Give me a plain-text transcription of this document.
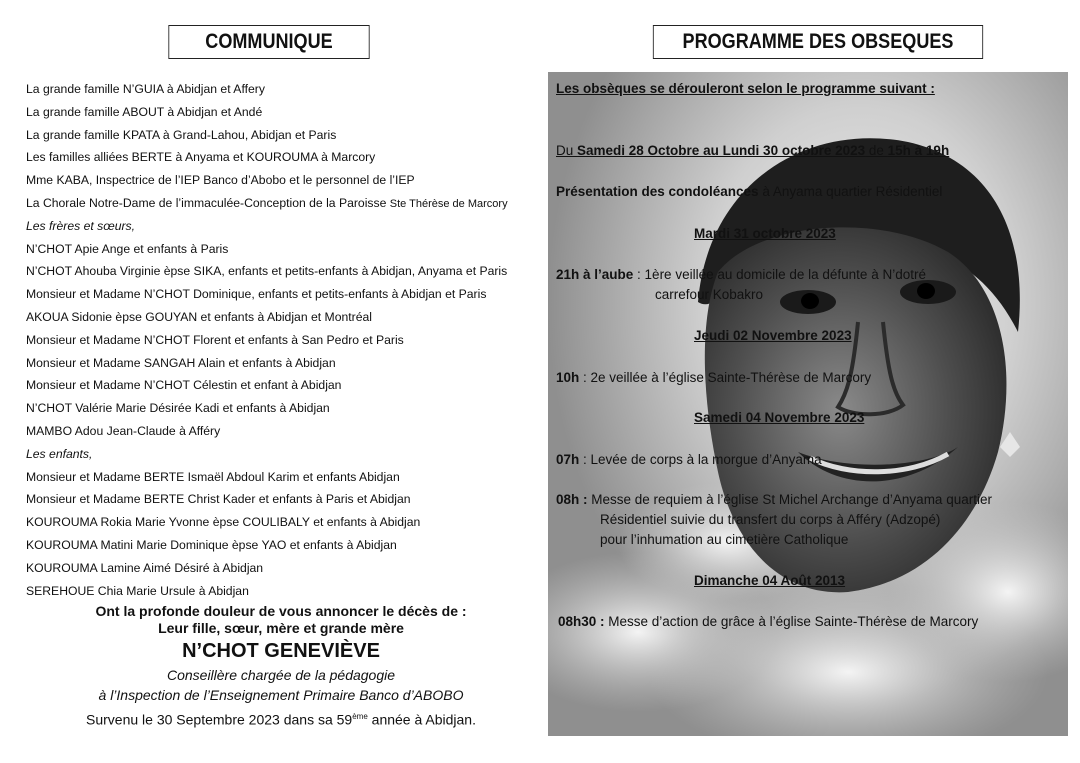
COMMUNIQUE
La grande famille N’GUIA à Abidjan et Affery
La grande famille ABOUT à Abidjan et Andé
La grande famille KPATA à Grand-Lahou, Abidjan et Paris
Les familles alliées BERTE à Anyama et KOUROUMA à Marcory
Mme KABA, Inspectrice de l’IEP Banco d’Abobo et le personnel de l’IEP
La Chorale Notre-Dame de l’immaculée-Conception de la Paroisse Ste Thérèse de Marcory
Les frères et sœurs,
N’CHOT Apie Ange et enfants à Paris
N’CHOT Ahouba Virginie èpse SIKA, enfants et petits-enfants à Abidjan, Anyama et Paris
Monsieur et Madame N’CHOT Dominique, enfants et petits-enfants à Abidjan et Paris
AKOUA Sidonie èpse GOUYAN et enfants à Abidjan et Montréal
Monsieur et Madame N’CHOT Florent et enfants à San Pedro et Paris
Monsieur et Madame SANGAH Alain et enfants à Abidjan
Monsieur et Madame N’CHOT Célestin et enfant à Abidjan
N’CHOT Valérie Marie Désirée Kadi et enfants à Abidjan
MAMBO Adou Jean-Claude à Afféry
Les enfants,
Monsieur et Madame BERTE Ismaël Abdoul Karim et enfants Abidjan
Monsieur et Madame BERTE Christ Kader et enfants à Paris et Abidjan
KOUROUMA Rokia Marie Yvonne èpse COULIBALY et enfants à Abidjan
KOUROUMA Matini Marie Dominique èpse YAO et enfants à Abidjan
KOUROUMA Lamine Aimé Désiré à Abidjan
SEREHOUE Chia Marie Ursule à Abidjan
Ont la profonde douleur de vous annoncer le décès de :
Leur fille, sœur, mère et grande mère
N’CHOT GENEVIÈVE
Conseillère chargée de la pédagogie
à l’Inspection de l’Enseignement Primaire Banco d’ABOBO
Survenu le 30 Septembre 2023 dans sa 59ème année à Abidjan.
PROGRAMME DES OBSEQUES
Les obsèques se dérouleront selon le programme suivant :
Du Samedi 28 Octobre au Lundi 30 octobre 2023 de 15h à 19h
Présentation des condoléances à Anyama quartier Résidentiel
Mardi 31 octobre 2023
21h à l’aube : 1ère veillée au domicile de la défunte à N’dotré
carrefour Kobakro
Jeudi 02 Novembre 2023
10h : 2e veillée à l’église Sainte-Thérèse de Marcory
Samedi 04 Novembre 2023
07h : Levée de corps à la morgue d’Anyama
08h : Messe de requiem à l’église St Michel Archange d’Anyama quartier
Résidentiel suivie du transfert du corps à Afféry (Adzopé)
pour l’inhumation au cimetière Catholique
Dimanche 04 Août 2013
08h30 : Messe d’action de grâce à l’église Sainte-Thérèse de Marcory
